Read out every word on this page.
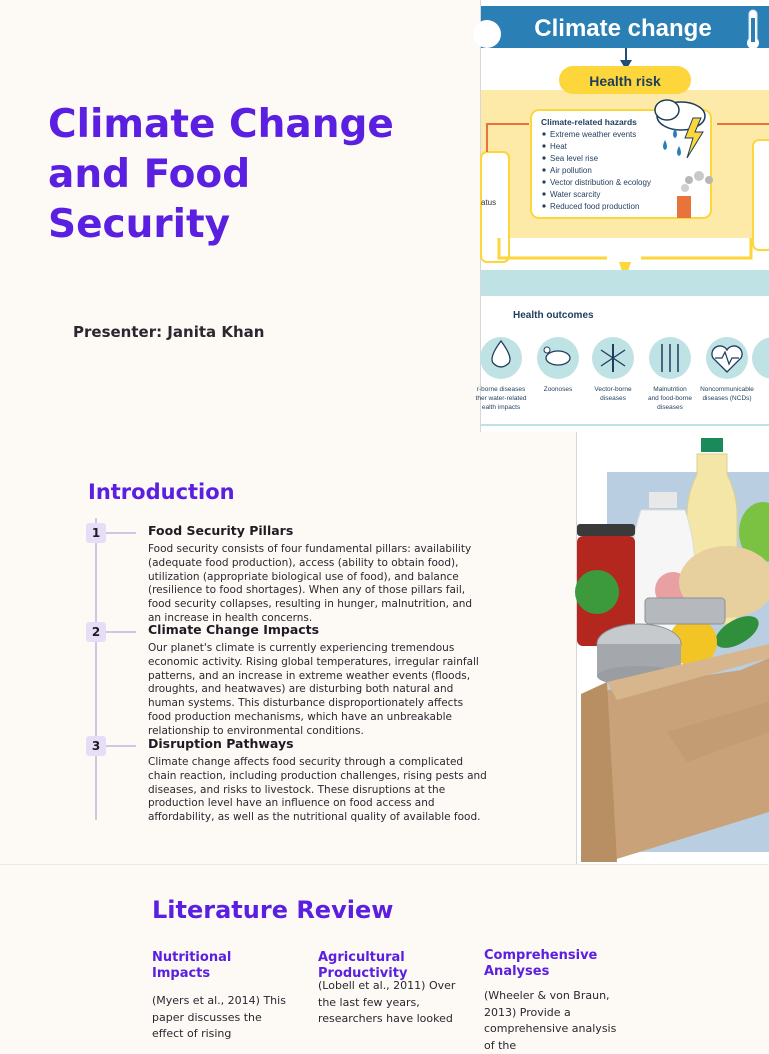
Climate Change and Food Security
Presenter: Janita Khan
Climate change
Health risk
atus
Climate-related hazards
Extreme weather events
Heat
Sea level rise
Air pollution
Vector distribution & ecology
Water scarcity
Reduced food production
Health outcomes
r-borne diseases
ther water-related
ealth impacts
Zoonoses	Vector-borne
diseases
Malnutrition
and food-borne
diseases
Noncommunicable
diseases (NCDs)
Introduction
1	Food Security Pillars

Food security consists of four fundamental pillars: availability (adequate food production), access (ability to obtain food), utilization (appropriate biological use of food), and balance (resilience to food shortages). When any of those pillars fail, food security collapses, resulting in hunger, malnutrition, and an increase in health concerns.

2	Climate Change Impacts

Our planet's climate is currently experiencing tremendous economic activity. Rising global temperatures, irregular rainfall patterns, and an increase in extreme weather events (floods, droughts, and heatwaves) are disturbing both natural and human systems. This disturbance disproportionately affects food production mechanisms, which have an unbreakable relationship to environmental conditions.

3	Disruption Pathways

Climate change affects food security through a complicated chain reaction, including production challenges, rising pests and diseases, and risks to livestock. These disruptions at the production level have an influence on food access and affordability, as well as the nutritional quality of available food.

Literature Review
Nutritional Impacts

(Myers et al., 2014) This paper discusses the effect of rising

Agricultural Productivity

(Lobell et al., 2011) Over the last few years, researchers have looked

Comprehensive Analyses

(Wheeler & von Braun, 2013) Provide a comprehensive analysis of the
